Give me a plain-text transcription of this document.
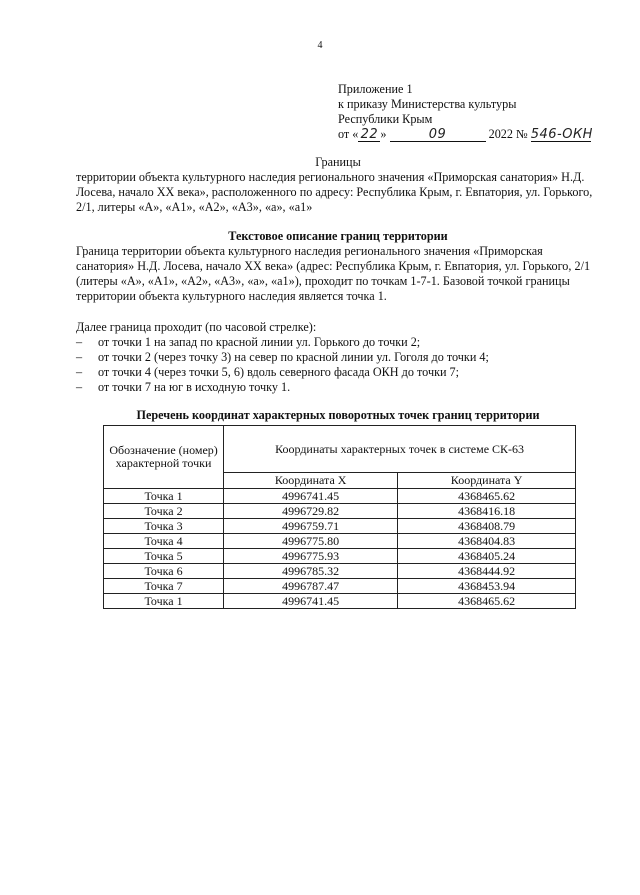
4
Приложение 1
к приказу Министерства культуры
Республики Крым
от « 22 »	09	2022 № 546-ОКН
Границы
территории объекта культурного наследия регионального значения «Приморская санатория» Н.Д. Лосева, начало XX века», расположенного по адресу: Республика Крым, г. Евпатория, ул. Горького, 2/1, литеры «А», «А1», «А2», «А3», «а», «а1»
Текстовое описание границ территории
Граница территории объекта культурного наследия регионального значения «Приморская санатория» Н.Д. Лосева, начало XX века» (адрес: Республика Крым, г. Евпатория, ул. Горького, 2/1 (литеры «А», «А1», «А2», «А3», «а», «а1»), проходит по точкам 1-7-1. Базовой точкой границы территории объекта культурного наследия является точка 1.
Далее граница проходит (по часовой стрелке):
–	от точки 1 на запад по красной линии ул. Горького до точки 2;
–	от точки 2 (через точку 3) на север по красной линии ул. Гоголя до точки 4;
–	от точки 4 (через точки 5, 6) вдоль северного фасада ОКН до точки 7;
–	от точки 7 на юг в исходную точку 1.
Перечень координат характерных поворотных точек границ территории
Обозначение (номер) характерной точки	Координаты характерных точек в системе СК-63	
	Координата X	Координата Y
Точка 1	4996741.45	4368465.62
Точка 2	4996729.82	4368416.18
Точка 3	4996759.71	4368408.79
Точка 4	4996775.80	4368404.83
Точка 5	4996775.93	4368405.24
Точка 6	4996785.32	4368444.92
Точка 7	4996787.47	4368453.94
Точка 1	4996741.45	4368465.62
